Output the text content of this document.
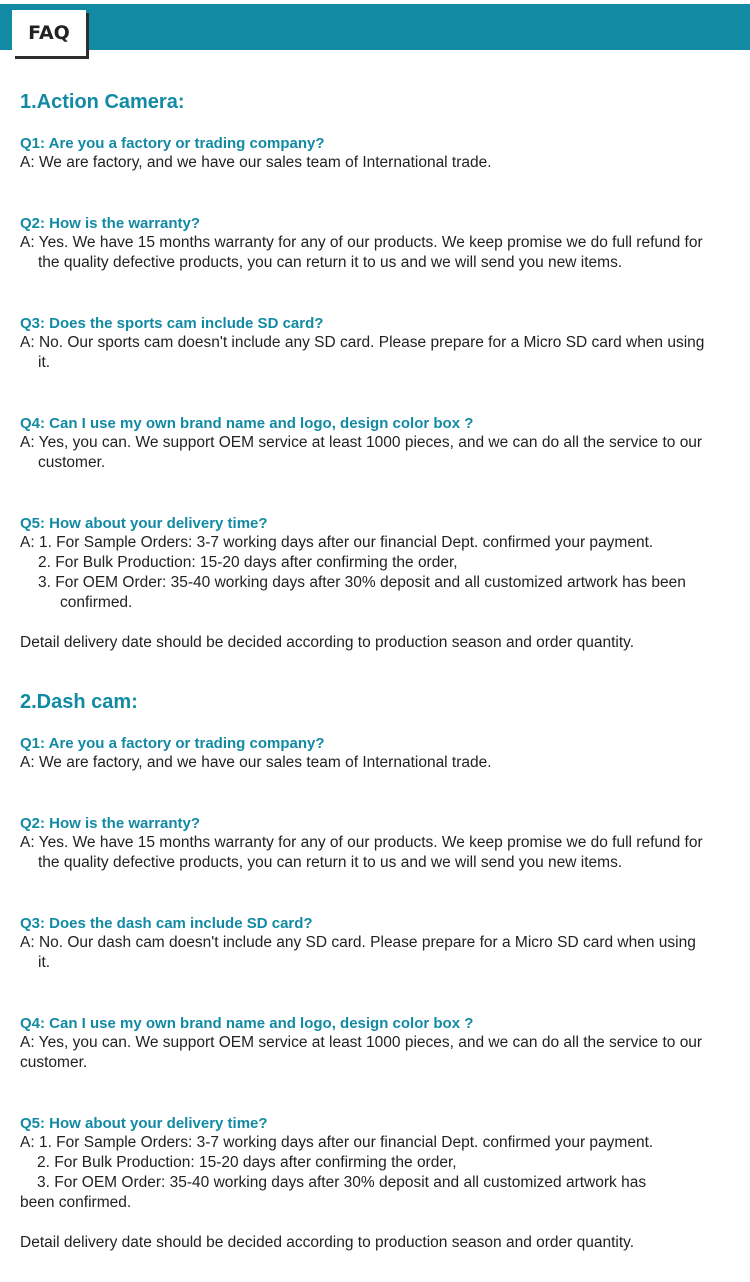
FAQ
1.Action Camera:
Q1: Are you a factory or trading company?
A: We are factory, and we have our sales team of International trade.
Q2: How is the warranty?
A: Yes. We have 15 months warranty for any of our products. We keep promise we do full refund for
the quality defective products, you can return it to us and we will send you new items.
Q3: Does the sports cam include SD card?
A: No. Our sports cam doesn't include any SD card. Please prepare for a Micro SD card when using
it.
Q4: Can I use my own brand name and logo, design color box ?
A: Yes, you can. We support OEM service at least 1000 pieces, and we can do all the service to our
customer.
Q5: How about your delivery time?
A: 1. For Sample Orders: 3-7 working days after our financial Dept. confirmed your payment.
2. For Bulk Production: 15-20 days after confirming the order,
3. For OEM Order: 35-40 working days after 30% deposit and all customized artwork has been
confirmed.
Detail delivery date should be decided according to production season and order quantity.
2.Dash cam:
Q1: Are you a factory or trading company?
A: We are factory, and we have our sales team of International trade.
Q2: How is the warranty?
A: Yes. We have 15 months warranty for any of our products. We keep promise we do full refund for
the quality defective products, you can return it to us and we will send you new items.
Q3: Does the dash cam include SD card?
A: No. Our dash cam doesn't include any SD card. Please prepare for a Micro SD card when using
it.
Q4: Can I use my own brand name and logo, design color box ?
A: Yes, you can. We support OEM service at least 1000 pieces, and we can do all the service to our
customer.
Q5: How about your delivery time?
A: 1. For Sample Orders: 3-7 working days after our financial Dept. confirmed your payment.
2. For Bulk Production: 15-20 days after confirming the order,
3. For OEM Order: 35-40 working days after 30% deposit and all customized artwork has
been confirmed.
Detail delivery date should be decided according to production season and order quantity.
